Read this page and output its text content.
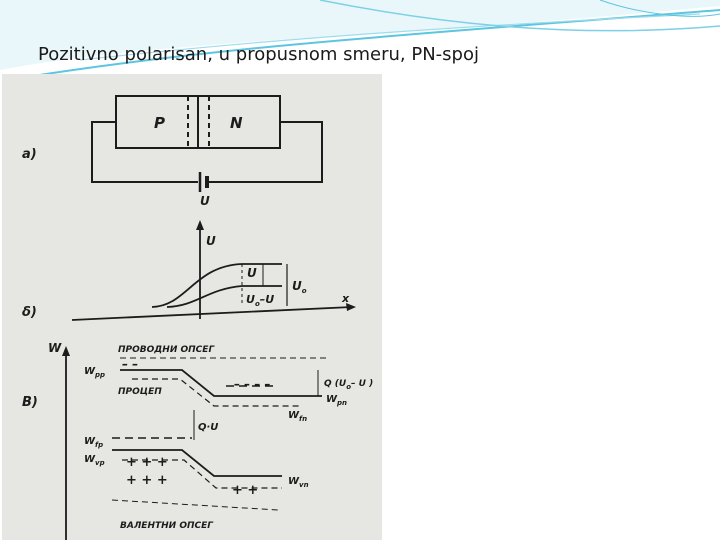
Pozitivno polarisan, u propusnom smeru, PN-spoj
P	N
U
a)
U
x
U
$U_o-U$
$U_o$
δ)
W	ПРОВОДНИ ОПСЕГ
$W_{pp}$
ПРОЦЕП
– –
– – – –	Q ($U_o-$ U )
$W_{pn}$
$W_{fn}$
Q·U
$W_{fp}$
$W_{vp}$ + + +
+ + +
+ +
$W_{vn}$
ВАЛЕНТНИ ОПСЕГ
B)
